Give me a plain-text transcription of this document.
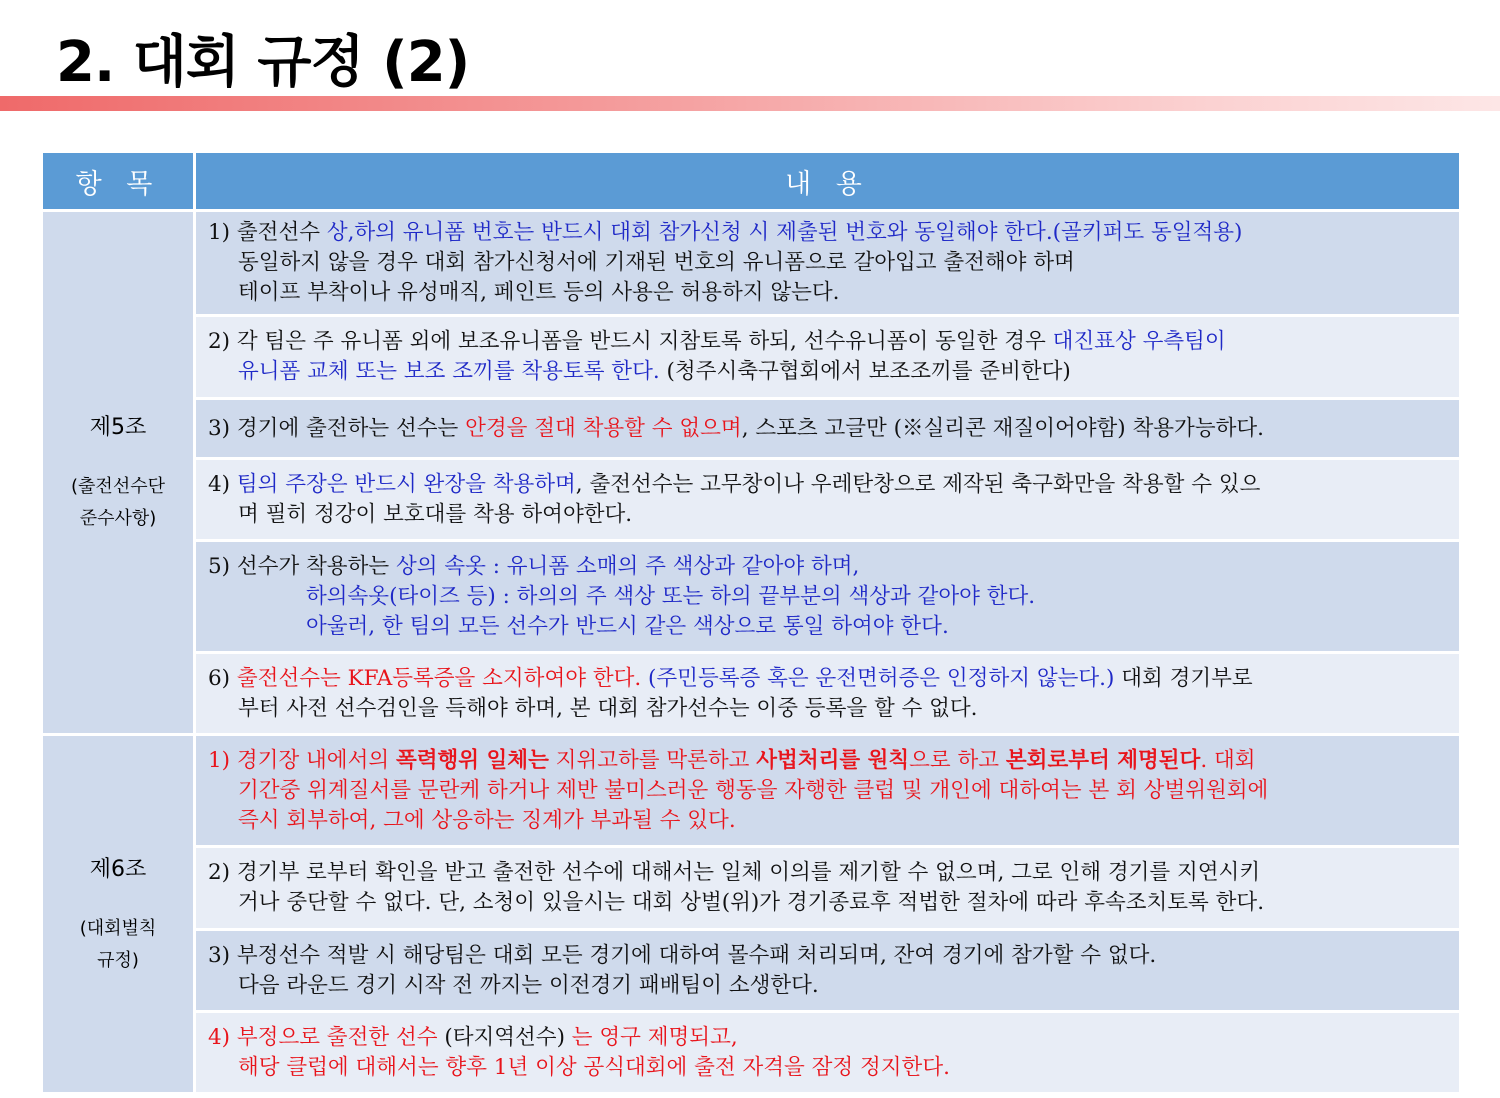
2. 대회 규정 (2)
항 목	내 용

제5조
(출전선수단
준수사항)	1) 출전선수 상,하의 유니폼 번호는 반드시 대회 참가신청 시 제출된 번호와 동일해야 한다.(골키퍼도 동일적용)
동일하지 않을 경우 대회 참가신청서에 기재된 번호의 유니폼으로 갈아입고 출전해야 하며
테이프 부착이나 유성매직, 페인트 등의 사용은 허용하지 않는다.

	2) 각 팀은 주 유니폼 외에 보조유니폼을 반드시 지참토록 하되, 선수유니폼이 동일한 경우 대진표상 우측팀이
유니폼 교체 또는 보조 조끼를 착용토록 한다. (청주시축구협회에서 보조조끼를 준비한다)

	3) 경기에 출전하는 선수는 안경을 절대 착용할 수 없으며, 스포츠 고글만 (※실리콘 재질이어야함) 착용가능하다.

	4) 팀의 주장은 반드시 완장을 착용하며, 출전선수는 고무창이나 우레탄창으로 제작된 축구화만을 착용할 수 있으
며 필히 정강이 보호대를 착용 하여야한다.

	5) 선수가 착용하는 상의 속옷 : 유니폼 소매의 주 색상과 같아야 하며,
하의속옷(타이즈 등) : 하의의 주 색상 또는 하의 끝부분의 색상과 같아야 한다.
아울러, 한 팀의 모든 선수가 반드시 같은 색상으로 통일 하여야 한다.

	6) 출전선수는 KFA등록증을 소지하여야 한다. (주민등록증 혹은 운전면허증은 인정하지 않는다.) 대회 경기부로
부터 사전 선수검인을 득해야 하며, 본 대회 참가선수는 이중 등록을 할 수 없다.

제6조
(대회벌칙
규정)	1) 경기장 내에서의 폭력행위 일체는 지위고하를 막론하고 사법처리를 원칙으로 하고 본회로부터 제명된다. 대회
기간중 위계질서를 문란케 하거나 제반 불미스러운 행동을 자행한 클럽 및 개인에 대하여는 본 회 상벌위원회에
즉시 회부하여, 그에 상응하는 징계가 부과될 수 있다.

	2) 경기부 로부터 확인을 받고 출전한 선수에 대해서는 일체 이의를 제기할 수 없으며, 그로 인해 경기를 지연시키
거나 중단할 수 없다. 단, 소청이 있을시는 대회 상벌(위)가 경기종료후 적법한 절차에 따라 후속조치토록 한다.

	3) 부정선수 적발 시 해당팀은 대회 모든 경기에 대하여 몰수패 처리되며, 잔여 경기에 참가할 수 없다.
다음 라운드 경기 시작 전 까지는 이전경기 패배팀이 소생한다.

	4) 부정으로 출전한 선수 (타지역선수) 는 영구 제명되고,
해당 클럽에 대해서는 향후 1년 이상 공식대회에 출전 자격을 잠정 정지한다.
